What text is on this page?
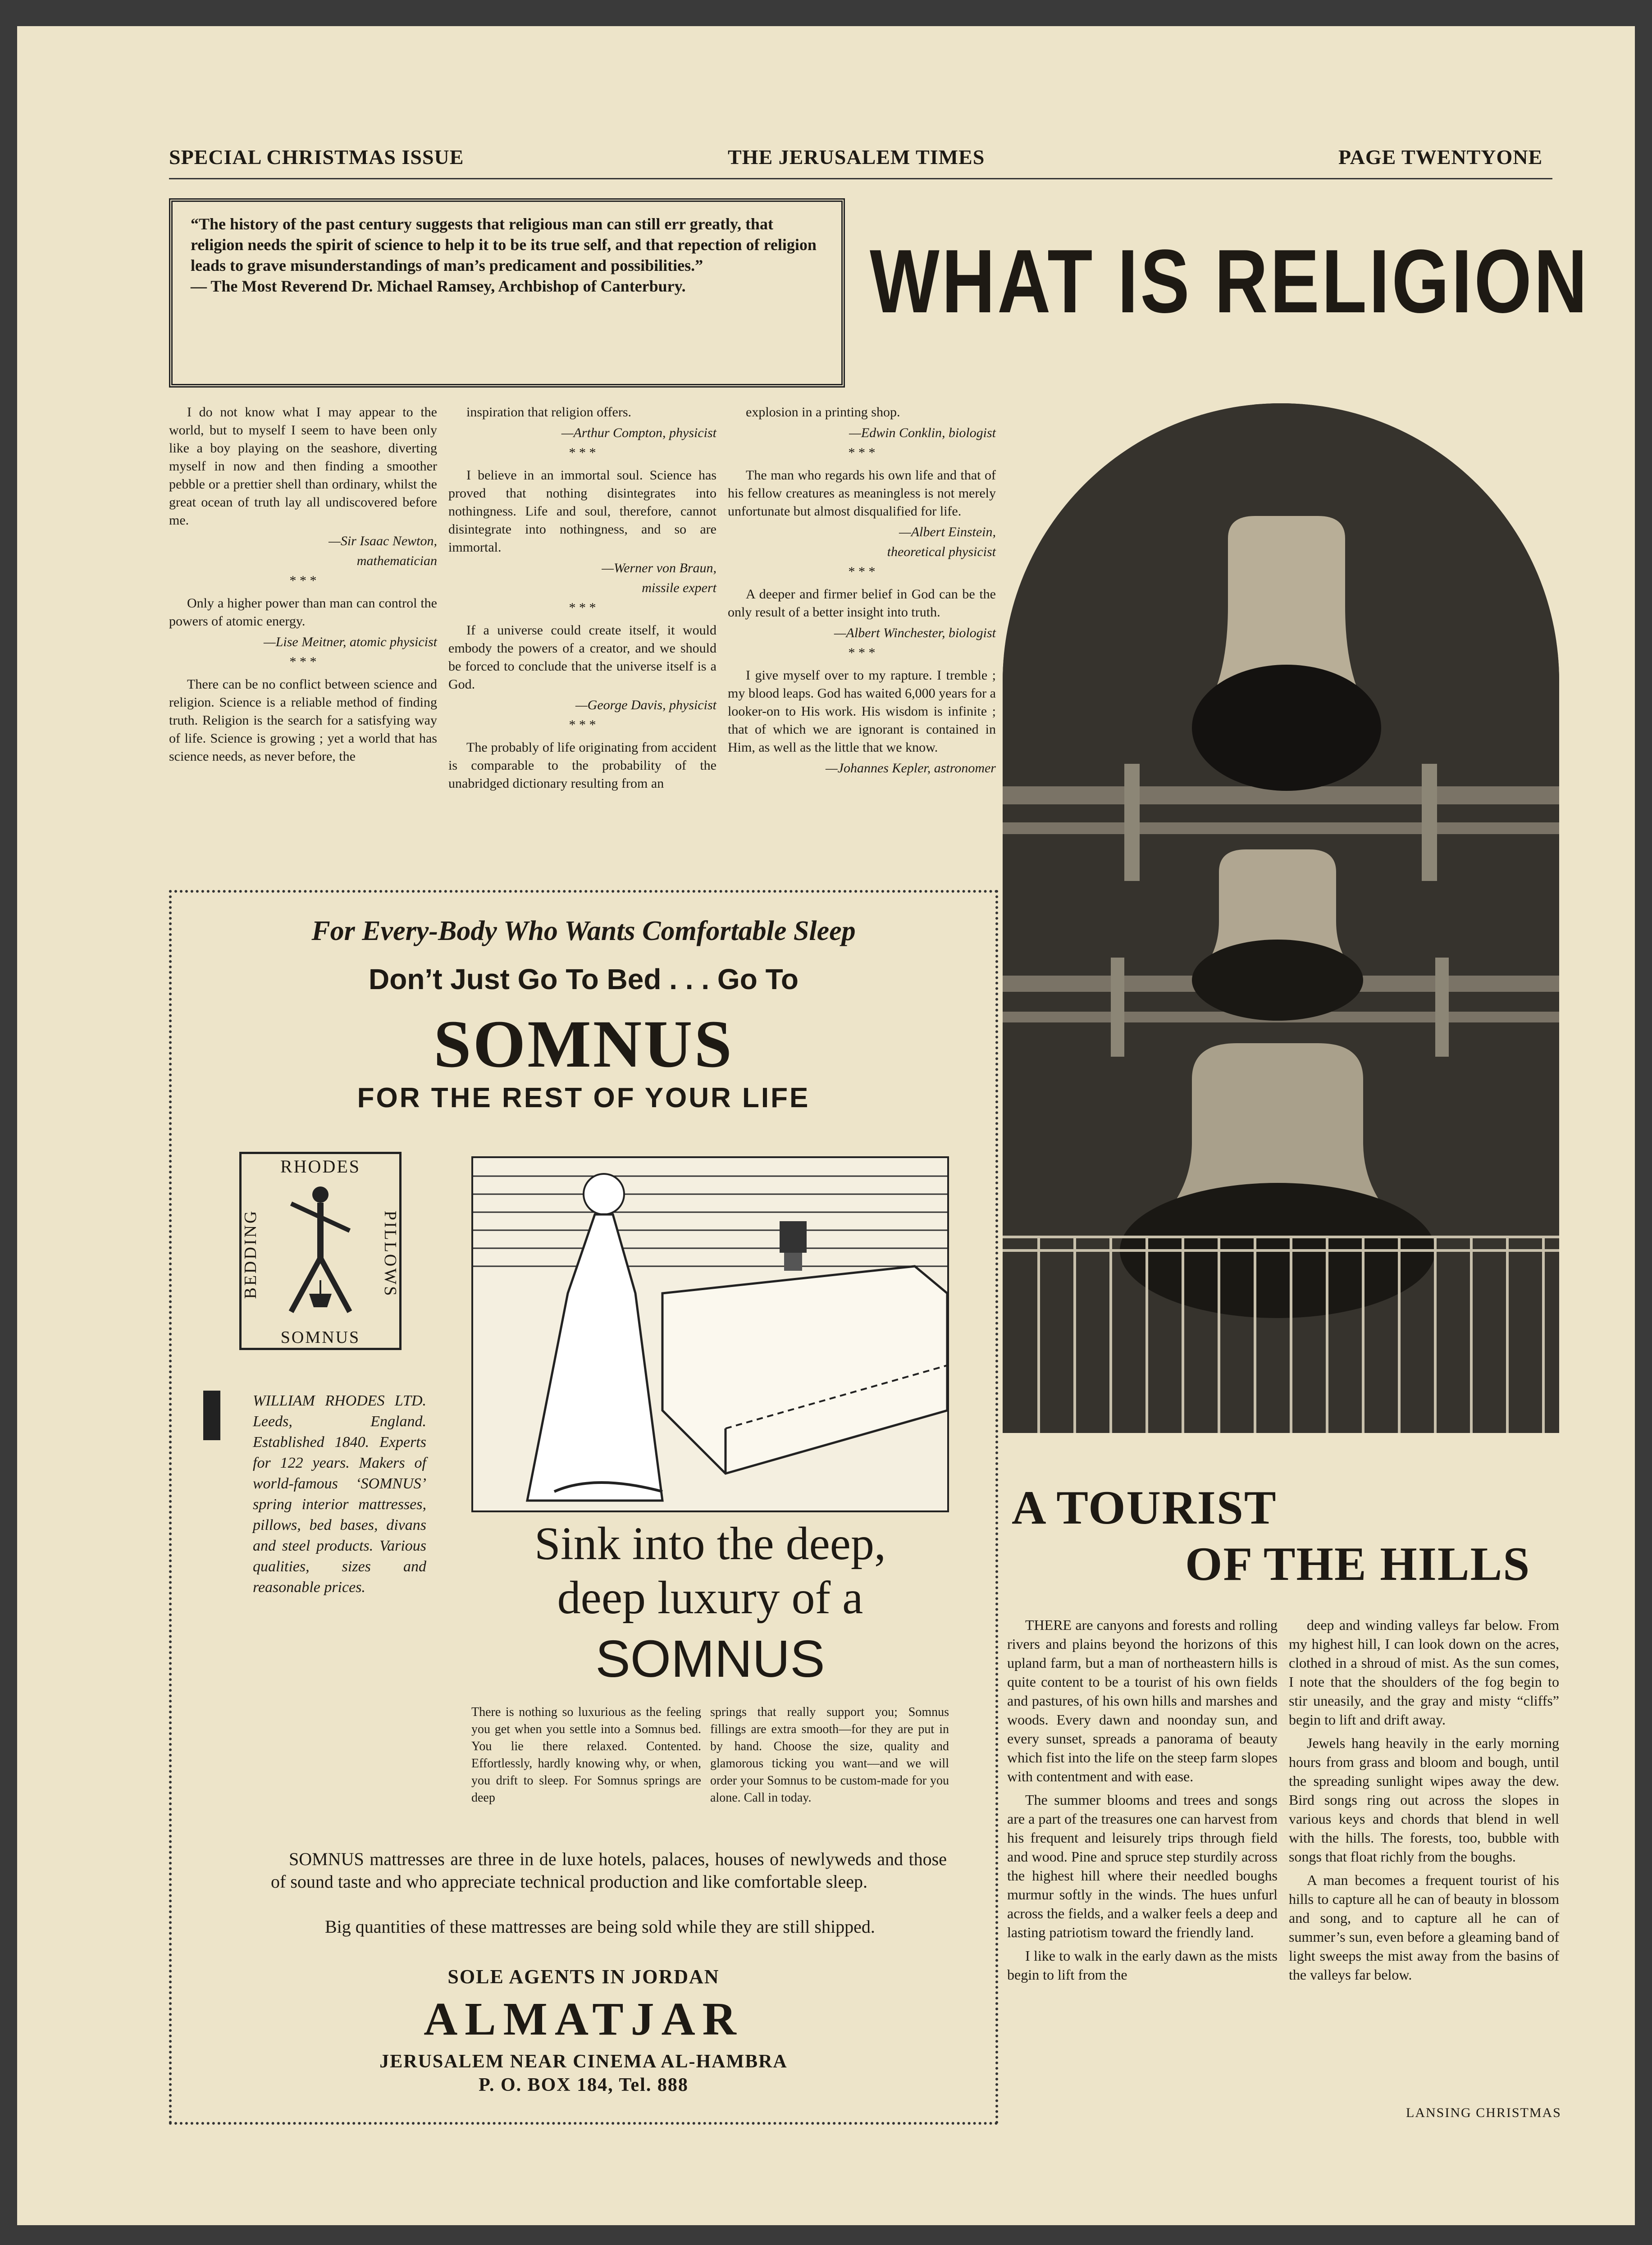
SPECIAL CHRISTMAS ISSUE	THE JERUSALEM TIMES	PAGE TWENTYONE
“The history of the past century suggests that religious man can still err greatly, that religion needs the spirit of science to help it to be its true self, and that repection of religion leads to grave misunderstandings of man’s predicament and possibilities.”
— The Most Reverend Dr. Michael Ramsey, Archbishop of Canterbury.	WHAT IS RELIGION

I do not know what I may appear to the world, but to myself I seem to have been only like a boy playing on the seashore, diverting myself in now and then finding a smoother pebble or a prettier shell than ordinary, whilst the great ocean of truth lay all undiscovered before me.

—Sir Isaac Newton,

mathematician

* * *

Only a higher power than man can control the powers of atomic energy.

—Lise Meitner, atomic physicist

* * *

There can be no conflict between science and religion. Science is a reliable method of finding truth. Religion is the search for a satisfying way of life. Science is growing ; yet a world that has science needs, as never before, the

inspiration that religion offers.

—Arthur Compton, physicist

* * *

I believe in an immortal soul. Science has proved that nothing disintegrates into nothingness. Life and soul, therefore, cannot disintegrate into nothingness, and so are immortal.

—Werner von Braun,

missile expert

* * *

If a universe could create itself, it would embody the powers of a creator, and we should be forced to conclude that the universe itself is a God.

—George Davis, physicist

* * *

The probably of life originating from accident is comparable to the probability of the unabridged dictionary resulting from an

explosion in a printing shop.

—Edwin Conklin, biologist

* * *

The man who regards his own life and that of his fellow creatures as meaningless is not merely unfortunate but almost disqualified for life.

—Albert Einstein,

theoretical physicist

* * *

A deeper and firmer belief in God can be the only result of a better insight into truth.

—Albert Winchester, biologist

* * *

I give myself over to my rapture. I tremble ; my blood leaps. God has waited 6,000 years for a looker-on to His work. His wisdom is infinite ; that of which we are ignorant is contained in Him, as well as the little that we know.

—Johannes Kepler, astronomer

For Every-Body Who Wants Comfortable Sleep
Don’t Just Go To Bed . . . Go To
SOMNUS
FOR THE REST OF YOUR LIFE
RHODES
BEDDING	PILLOWS
SOMNUS
WILLIAM RHODES LTD. Leeds, England. Established 1840. Experts for 122 years. Makers of world-famous ‘SOMNUS’ spring interior mattresses, pillows, bed bases, divans and steel products. Various qualities, sizes and reasonable prices.
Sink into the deep,
deep luxury of a
SOMNUS
There is nothing so luxurious as the feeling you get when you settle into a Somnus bed. You lie there relaxed. Contented. Effortlessly, hardly knowing why, or when, you drift to sleep. For Somnus springs are deep
springs that really support you; Somnus fillings are extra smooth—for they are put in by hand. Choose the size, quality and glamorous ticking you want—and we will order your Somnus to be custom-made for you alone. Call in today.
SOMNUS mattresses are three in de luxe hotels, palaces, houses of newlyweds and those of sound taste and who appreciate technical production and like comfortable sleep.
Big quantities of these mattresses are being sold while they are still shipped.
SOLE AGENTS IN JORDAN
ALMATJAR
JERUSALEM NEAR CINEMA AL-HAMBRA
P. O. BOX 184, Tel. 888
A TOURIST
OF THE HILLS

THERE are canyons and forests and rolling rivers and plains beyond the horizons of this upland farm, but a man of northeastern hills is quite content to be a tourist of his own fields and pastures, of his own hills and marshes and woods. Every dawn and noonday sun, and every sunset, spreads a panorama of beauty which fist into the life on the steep farm slopes with contentment and with ease.

The summer blooms and trees and songs are a part of the treasures one can harvest from his frequent and leisurely trips through field and wood. Pine and spruce step sturdily across the highest hill where their needled boughs murmur softly in the winds. The hues unfurl across the fields, and a walker feels a deep and lasting patriotism toward the friendly land.

I like to walk in the early dawn as the mists begin to lift from the

deep and winding valleys far below. From my highest hill, I can look down on the acres, clothed in a shroud of mist. As the sun comes, I note that the shoulders of the fog begin to stir uneasily, and the gray and misty “cliffs” begin to lift and drift away.

Jewels hang heavily in the early morning hours from grass and bloom and bough, until the spreading sunlight wipes away the dew. Bird songs ring out across the slopes in various keys and chords that blend in well with the hills. The forests, too, bubble with songs that float richly from the boughs.

A man becomes a frequent tourist of his hills to capture all he can of beauty in blossom and song, and to capture all he can of summer’s sun, even before a gleaming band of light sweeps the mist away from the basins of the valleys far below.

LANSING CHRISTMAS
